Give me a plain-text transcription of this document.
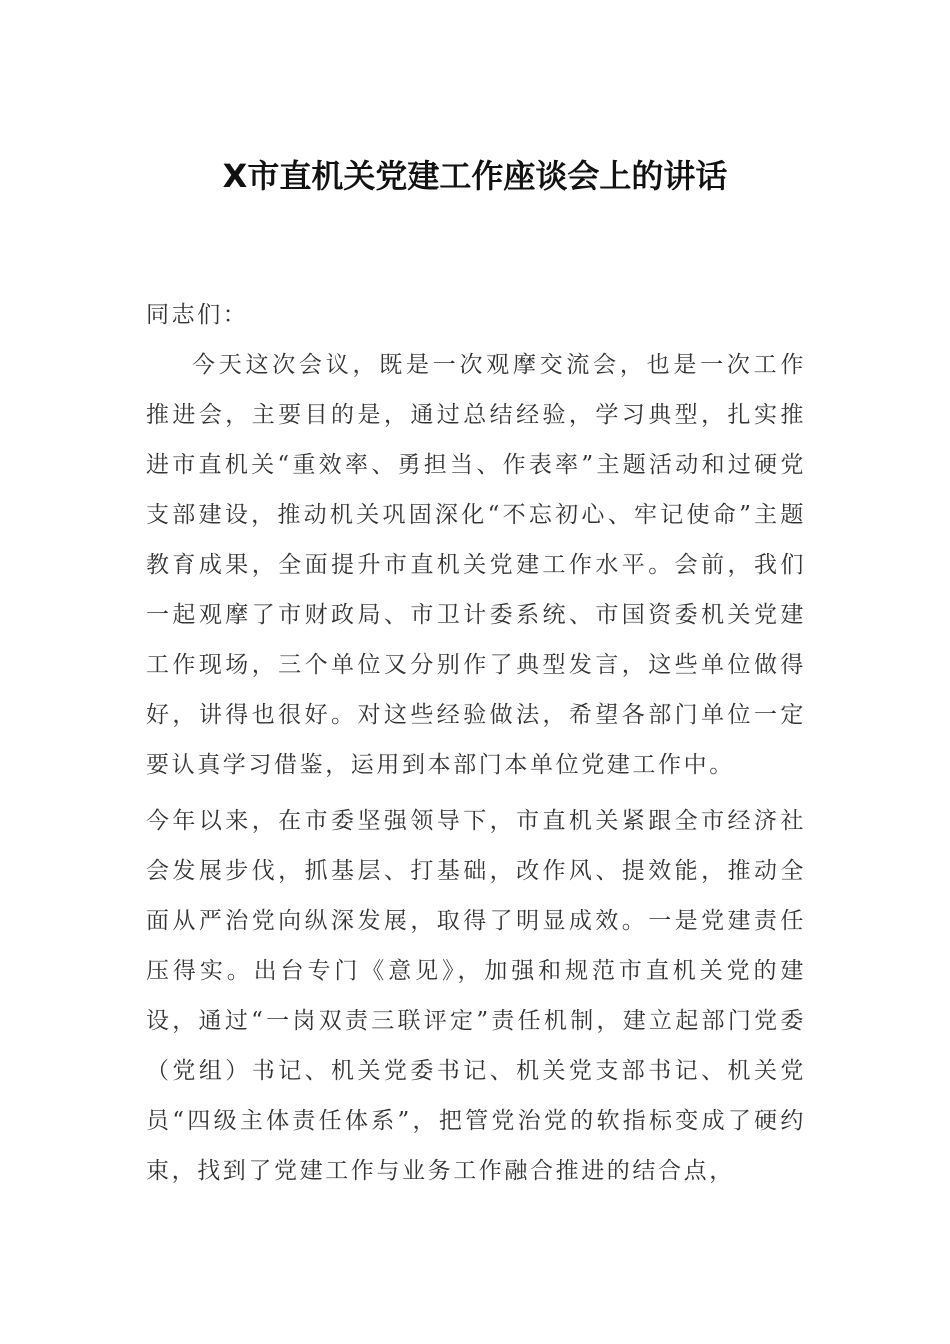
X市直机关党建工作座谈会上的讲话

同志们：

今天这次会议，既是一次观摩交流会，也是一次工作推进会，主要目的是，通过总结经验，学习典型，扎实推进市直机关“重效率、勇担当、作表率”主题活动和过硬党支部建设，推动机关巩固深化“不忘初心、牢记使命”主题教育成果，全面提升市直机关党建工作水平。会前，我们一起观摩了市财政局、市卫计委系统、市国资委机关党建工作现场，三个单位又分别作了典型发言，这些单位做得好，讲得也很好。对这些经验做法，希望各部门单位一定要认真学习借鉴，运用到本部门本单位党建工作中。

今年以来，在市委坚强领导下，市直机关紧跟全市经济社会发展步伐，抓基层、打基础，改作风、提效能，推动全面从严治党向纵深发展，取得了明显成效。一是党建责任压得实。出台专门《意见》，加强和规范市直机关党的建设，通过“一岗双责三联评定”责任机制，建立起部门党委（党组）书记、机关党委书记、机关党支部书记、机关党员“四级主体责任体系”，把管党治党的软指标变成了硬约束，找到了党建工作与业务工作融合推进的结合点，
